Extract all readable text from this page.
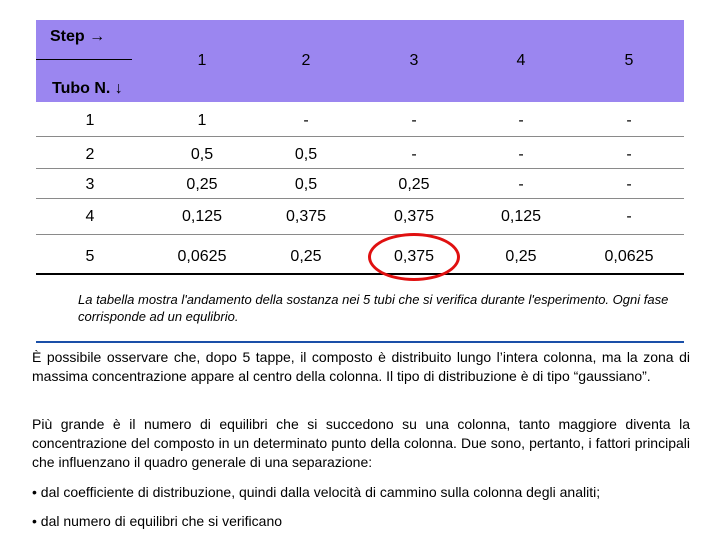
Step →
Tubo N. ↓
1	2	3	4	5
1	1	-	-	-	-
2	0,5	0,5	-	-	-
3	0,25	0,5	0,25	-	-
4	0,125	0,375	0,375	0,125	-
5	0,0625	0,25	0,375	0,25	0,0625
La tabella mostra l'andamento della sostanza nei 5 tubi che si verifica durante l'esperimento. Ogni fase corrisponde ad un equlibrio.
È possibile osservare che, dopo 5 tappe, il composto è distribuito lungo l’intera colonna, ma la zona di massima concentrazione appare al centro della colonna. Il tipo di distribuzione è di tipo “gaussiano”.
Più grande è il numero di equilibri che si succedono su una colonna, tanto maggiore diventa la concentrazione del composto in un determinato punto della colonna. Due sono, pertanto, i fattori principali che influenzano il quadro generale di una separazione:
• dal coefficiente di distribuzione, quindi dalla velocità di cammino sulla colonna degli analiti;
• dal numero di equilibri che si verificano
